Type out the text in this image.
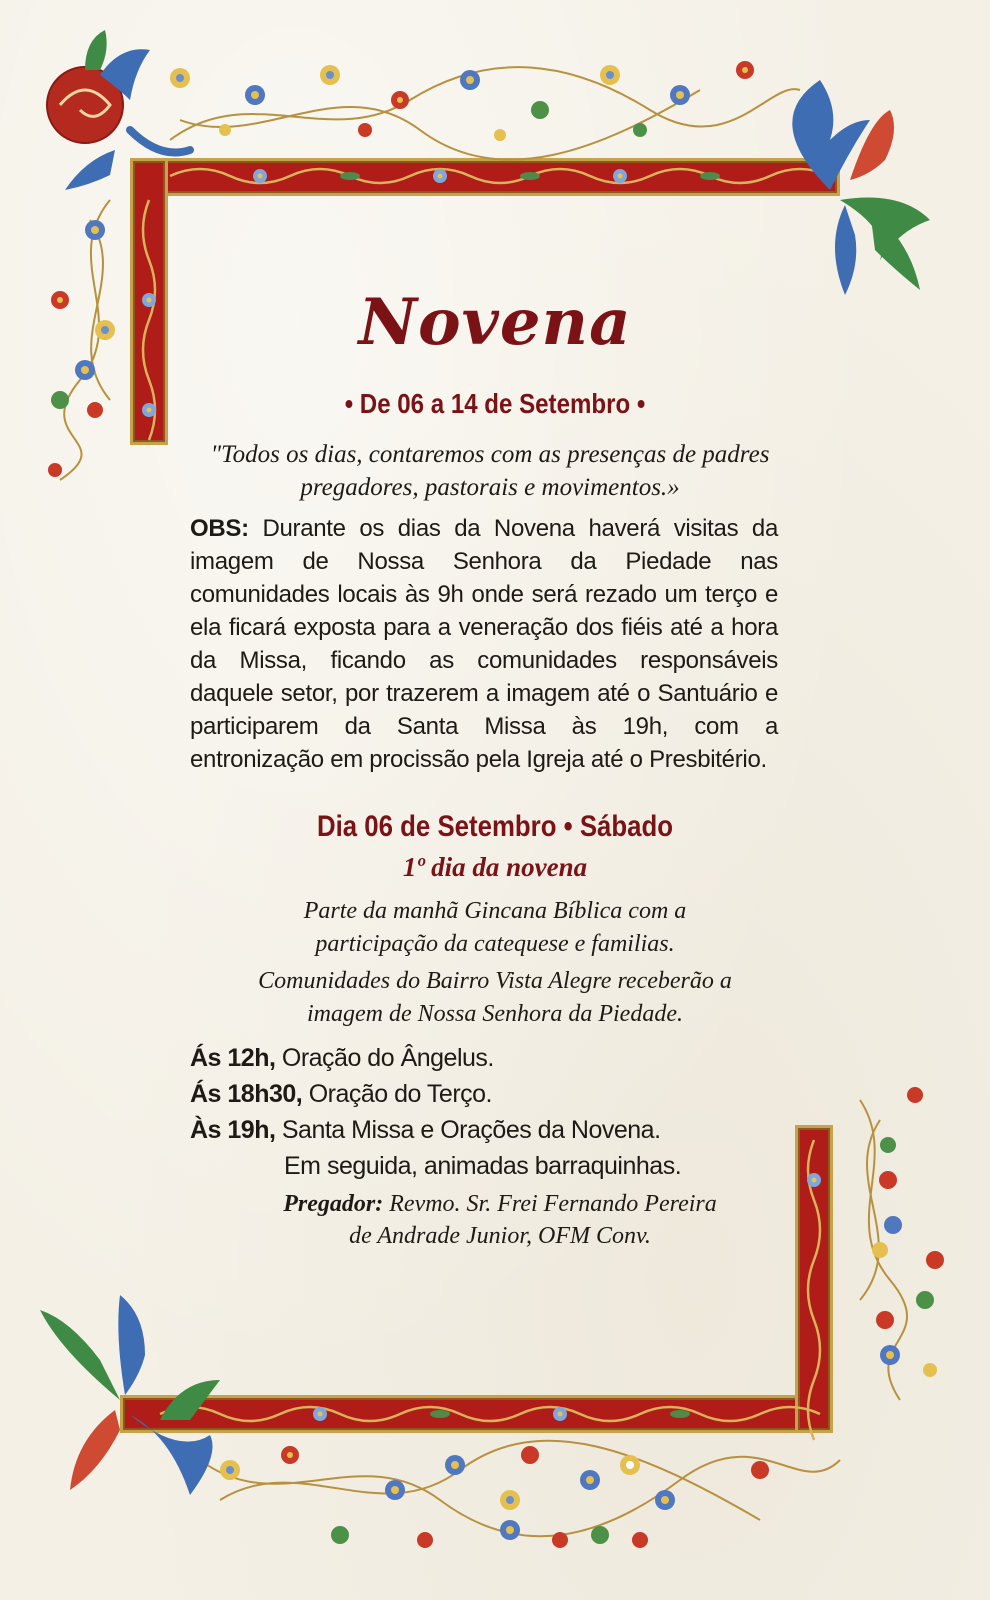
Novena
• De 06 a 14 de Setembro •
"Todos os dias, contaremos com as presenças de padres
pregadores, pastorais e movimentos.»
OBS: Durante os dias da Novena haverá visitas da imagem de Nossa Senhora da Piedade nas comunidades locais às 9h onde será rezado um terço e ela ficará exposta para a veneração dos fiéis até a hora da Missa, ficando as comunidades responsáveis daquele setor, por trazerem a imagem até o Santuário e participarem da Santa Missa às 19h, com a entronização em procissão pela Igreja até o Presbitério.
Dia 06 de Setembro • Sábado
1º dia da novena

Parte da manhã Gincana Bíblica com a
participação da catequese e familias.

Comunidades do Bairro Vista Alegre receberão a
imagem de Nossa Senhora da Piedade.

Ás 12h, Oração do Ângelus.
Ás 18h30, Oração do Terço.
Às 19h, Santa Missa e Orações da Novena.
Em seguida, animadas barraquinhas.
Pregador: Revmo. Sr. Frei Fernando Pereira
de Andrade Junior, OFM Conv.
